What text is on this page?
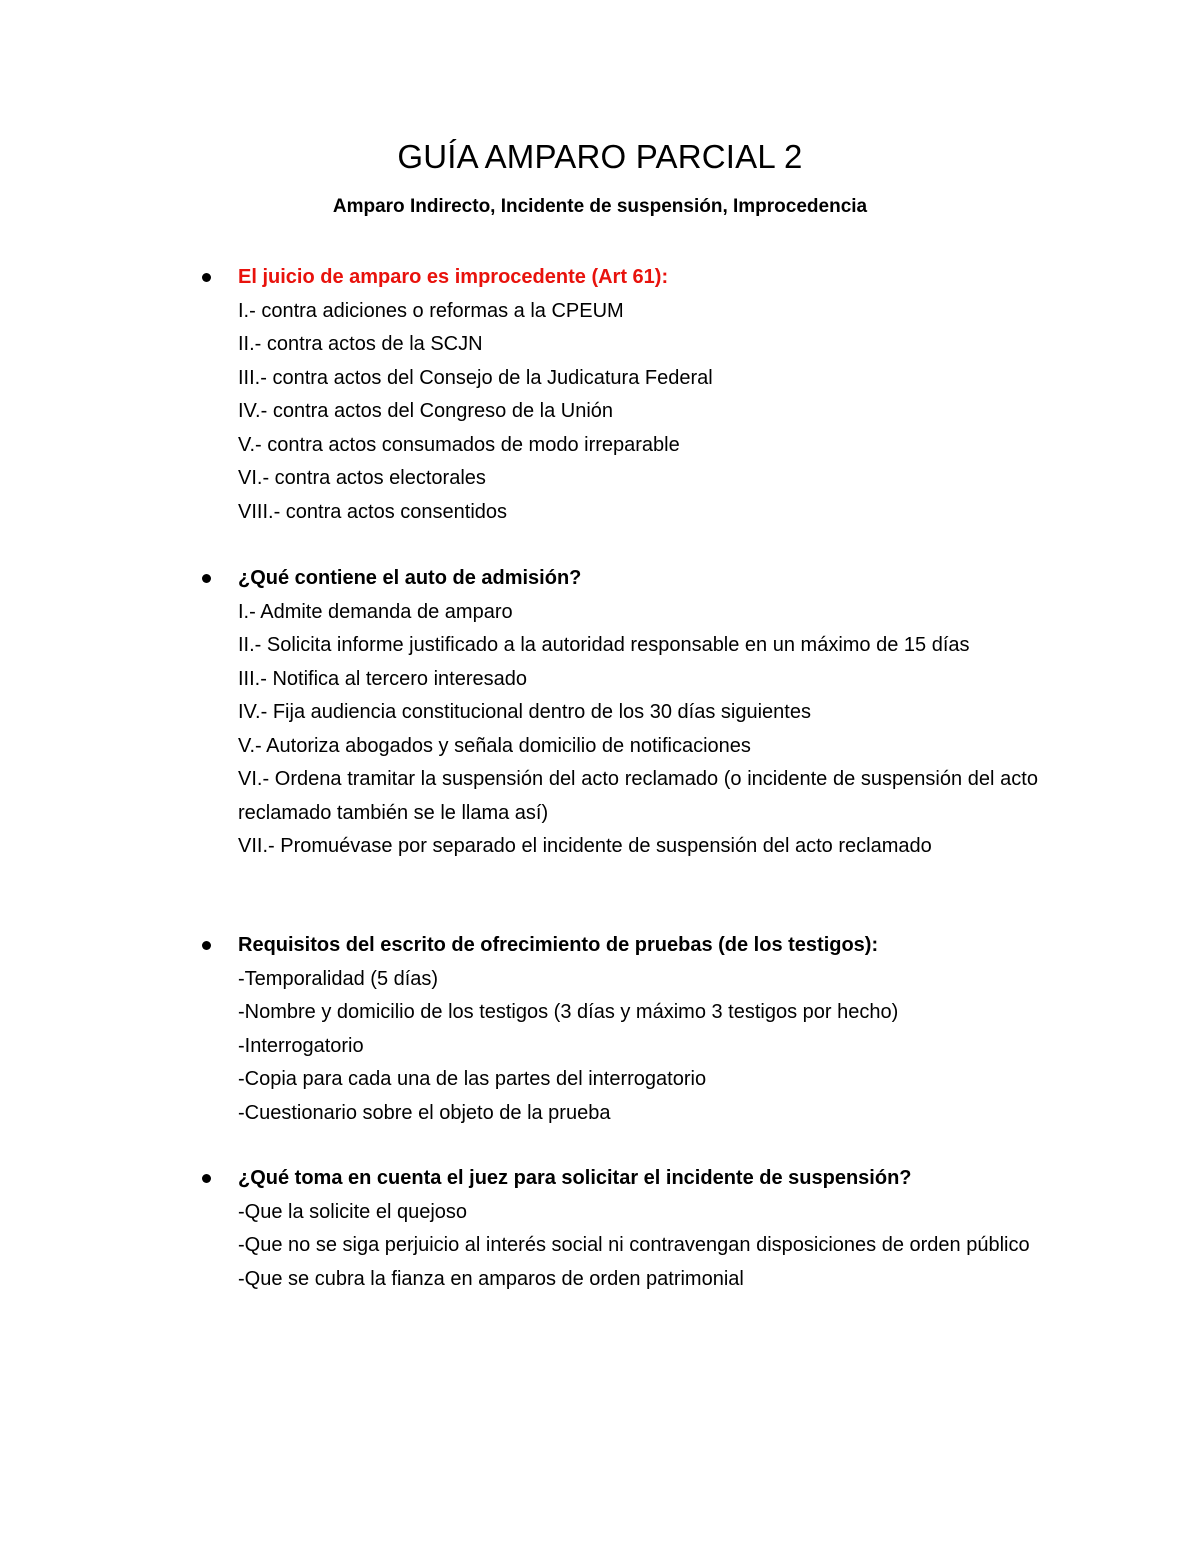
GUÍA AMPARO PARCIAL 2
Amparo Indirecto, Incidente de suspensión, Improcedencia
El juicio de amparo es improcedente (Art 61):
I.- contra adiciones o reformas a la CPEUM
II.- contra actos de la SCJN
III.- contra actos del Consejo de la Judicatura Federal
IV.- contra actos del Congreso de la Unión
V.- contra actos consumados de modo irreparable
VI.- contra actos electorales
VIII.- contra actos consentidos
¿Qué contiene el auto de admisión?
I.- Admite demanda de amparo
II.- Solicita informe justificado a la autoridad responsable en un máximo de 15 días
III.- Notifica al tercero interesado
IV.- Fija audiencia constitucional dentro de los 30 días siguientes
V.- Autoriza abogados y señala domicilio de notificaciones
VI.- Ordena tramitar la suspensión del acto reclamado (o incidente de suspensión del acto reclamado también se le llama así)
VII.- Promuévase por separado el incidente de suspensión del acto reclamado
Requisitos del escrito de ofrecimiento de pruebas (de los testigos):
-Temporalidad (5 días)
-Nombre y domicilio de los testigos (3 días y máximo 3 testigos por hecho)
-Interrogatorio
-Copia para cada una de las partes del interrogatorio
-Cuestionario sobre el objeto de la prueba
¿Qué toma en cuenta el juez para solicitar el incidente de suspensión?
-Que la solicite el quejoso
-Que no se siga perjuicio al interés social ni contravengan disposiciones de orden público
-Que se cubra la fianza en amparos de orden patrimonial
